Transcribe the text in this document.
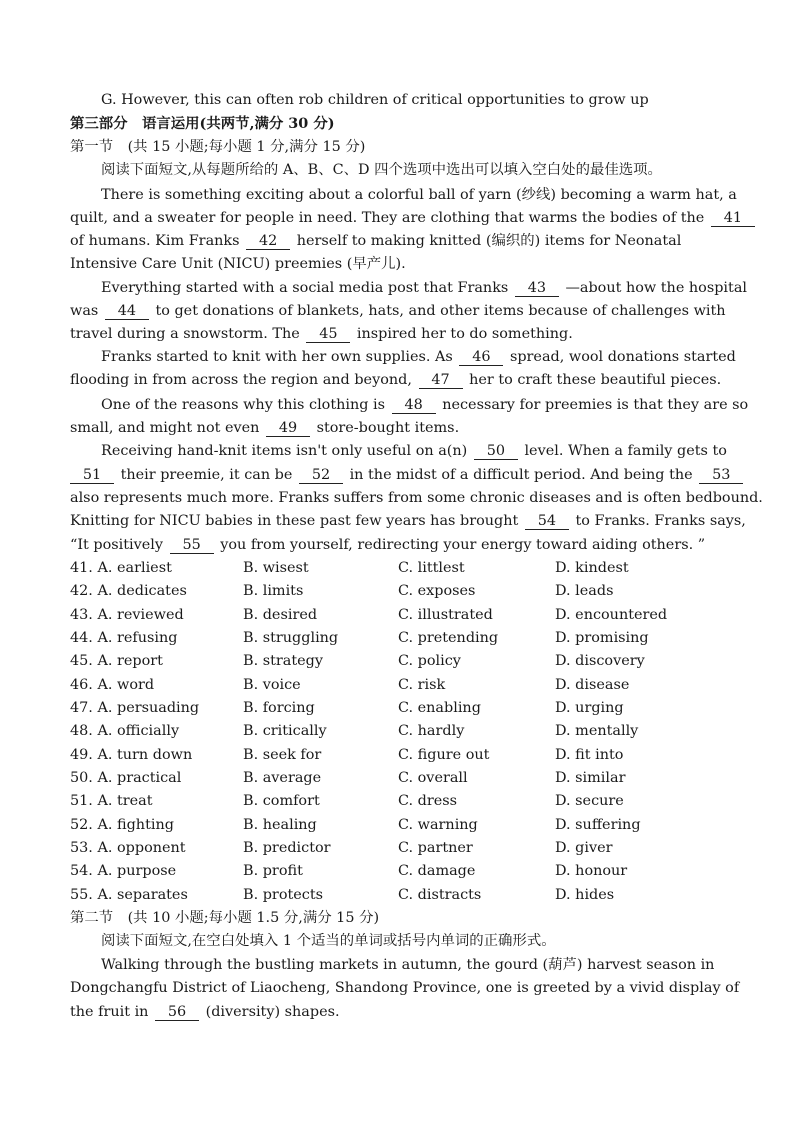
G. However, this can often rob children of critical opportunities to grow up
第三部分　语言运用(共两节,满分 30 分)
第一节　(共 15 小题;每小题 1 分,满分 15 分)
阅读下面短文,从每题所给的 A、B、C、D 四个选项中选出可以填入空白处的最佳选项。
There is something exciting about a colorful ball of yarn (纱线) becoming a warm hat, a
quilt, and a sweater for people in need. They are clothing that warms the bodies of the 41
of humans. Kim Franks 42 herself to making knitted (编织的) items for Neonatal
Intensive Care Unit (NICU) preemies (早产儿).
Everything started with a social media post that Franks 43 —about how the hospital
was 44 to get donations of blankets, hats, and other items because of challenges with
travel during a snowstorm. The 45 inspired her to do something.
Franks started to knit with her own supplies. As 46 spread, wool donations started
flooding in from across the region and beyond, 47 her to craft these beautiful pieces.
One of the reasons why this clothing is 48 necessary for preemies is that they are so
small, and might not even 49 store-bought items.
Receiving hand-knit items isn't only useful on a(n) 50 level. When a family gets to
51 their preemie, it can be 52 in the midst of a difficult period. And being the 53
also represents much more. Franks suffers from some chronic diseases and is often bedbound.
Knitting for NICU babies in these past few years has brought 54 to Franks. Franks says,
“It positively 55 you from yourself, redirecting your energy toward aiding others. ”
41. A. earliest	B. wisest	C. littlest	D. kindest
42. A. dedicates	B. limits	C. exposes	D. leads
43. A. reviewed	B. desired	C. illustrated	D. encountered
44. A. refusing	B. struggling	C. pretending	D. promising
45. A. report	B. strategy	C. policy	D. discovery
46. A. word	B. voice	C. risk	D. disease
47. A. persuading	B. forcing	C. enabling	D. urging
48. A. officially	B. critically	C. hardly	D. mentally
49. A. turn down	B. seek for	C. figure out	D. fit into
50. A. practical	B. average	C. overall	D. similar
51. A. treat	B. comfort	C. dress	D. secure
52. A. fighting	B. healing	C. warning	D. suffering
53. A. opponent	B. predictor	C. partner	D. giver
54. A. purpose	B. profit	C. damage	D. honour
55. A. separates	B. protects	C. distracts	D. hides
第二节　(共 10 小题;每小题 1.5 分,满分 15 分)
阅读下面短文,在空白处填入 1 个适当的单词或括号内单词的正确形式。
Walking through the bustling markets in autumn, the gourd (葫芦) harvest season in
Dongchangfu District of Liaocheng, Shandong Province, one is greeted by a vivid display of
the fruit in 56 (diversity) shapes.
